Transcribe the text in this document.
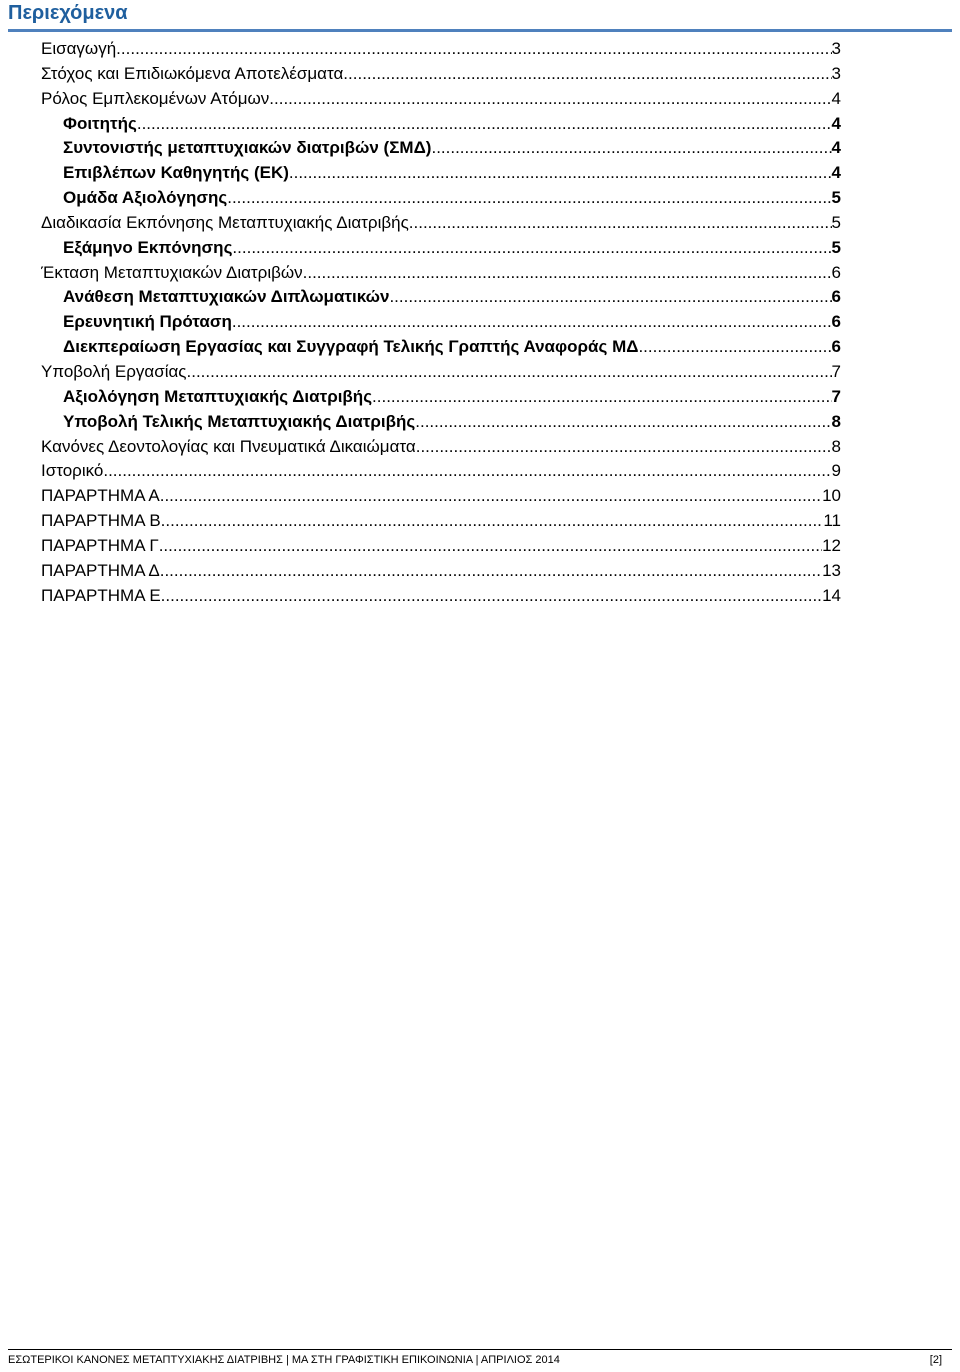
Περιεχόμενα
Εισαγωγή .....	3
Στόχος και Επιδιωκόμενα Αποτελέσματα .....	3
Ρόλος Εμπλεκομένων Ατόμων .....	4
Φοιτητής .....	4
Συντονιστής μεταπτυχιακών διατριβών (ΣΜΔ) .....	4
Επιβλέπων Καθηγητής (ΕΚ) .....	4
Ομάδα Αξιολόγησης .....	5
Διαδικασία Εκπόνησης Μεταπτυχιακής Διατριβής .....	5
Εξάμηνο Εκπόνησης .....	5
Έκταση Μεταπτυχιακών Διατριβών .....	6
Ανάθεση Μεταπτυχιακών Διπλωματικών .....	6
Ερευνητική Πρόταση .....	6
Διεκπεραίωση Εργασίας και Συγγραφή Τελικής Γραπτής Αναφοράς ΜΔ .....	6
Υποβολή Εργασίας .....	7
Αξιολόγηση Μεταπτυχιακής Διατριβής .....	7
Υποβολή Τελικής Μεταπτυχιακής Διατριβής .....	8
Κανόνες Δεοντολογίας και Πνευματικά Δικαιώματα .....	8
Ιστορικό .....	9
ΠΑΡΑΡΤΗΜΑ Α .....	10
ΠΑΡΑΡΤΗΜΑ Β .....	11
ΠΑΡΑΡΤΗΜΑ Γ .....	12
ΠΑΡΑΡΤΗΜΑ Δ .....	13
ΠΑΡΑΡΤΗΜΑ Ε .....	14
ΕΣΩΤΕΡΙΚΟΙ ΚΑΝΟΝΕΣ ΜΕΤΑΠΤΥΧΙΑΚΗΣ ΔΙΑΤΡΙΒΗΣ | ΜΑ ΣΤΗ ΓΡΑΦΙΣΤΙΚΗ ΕΠΙΚΟΙΝΩΝΙΑ | ΑΠΡΙΛΙΟΣ 2014	[2]
